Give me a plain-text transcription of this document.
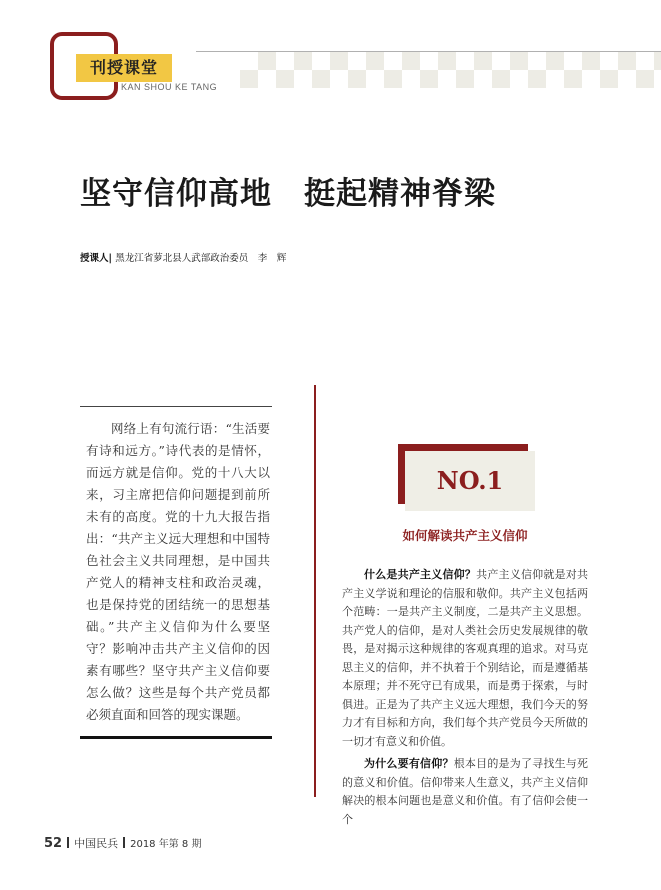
刊授课堂
KAN SHOU KE TANG
坚守信仰高地　挺起精神脊梁
授课人| 黑龙江省萝北县人武部政治委员　李　辉

网络上有句流行语：“生活要有诗和远方。”诗代表的是情怀，而远方就是信仰。党的十八大以来，习主席把信仰问题提到前所未有的高度。党的十九大报告指出：“共产主义远大理想和中国特色社会主义共同理想，是中国共产党人的精神支柱和政治灵魂，也是保持党的团结统一的思想基础。”共产主义信仰为什么要坚守？影响冲击共产主义信仰的因素有哪些？坚守共产主义信仰要怎么做？这些是每个共产党员都必须直面和回答的现实课题。

NO.1
如何解读共产主义信仰

什么是共产主义信仰？共产主义信仰就是对共产主义学说和理论的信服和敬仰。共产主义包括两个范畴：一是共产主义制度，二是共产主义思想。共产党人的信仰，是对人类社会历史发展规律的敬畏，是对揭示这种规律的客观真理的追求。对马克思主义的信仰，并不执着于个别结论，而是遵循基本原理；并不死守已有成果，而是勇于探索，与时俱进。正是为了共产主义远大理想，我们今天的努力才有目标和方向，我们每个共产党员今天所做的一切才有意义和价值。

为什么要有信仰？根本目的是为了寻找生与死的意义和价值。信仰带来人生意义，共产主义信仰解决的根本问题也是意义和价值。有了信仰会使一个

52 中国民兵 2018 年第 8 期
